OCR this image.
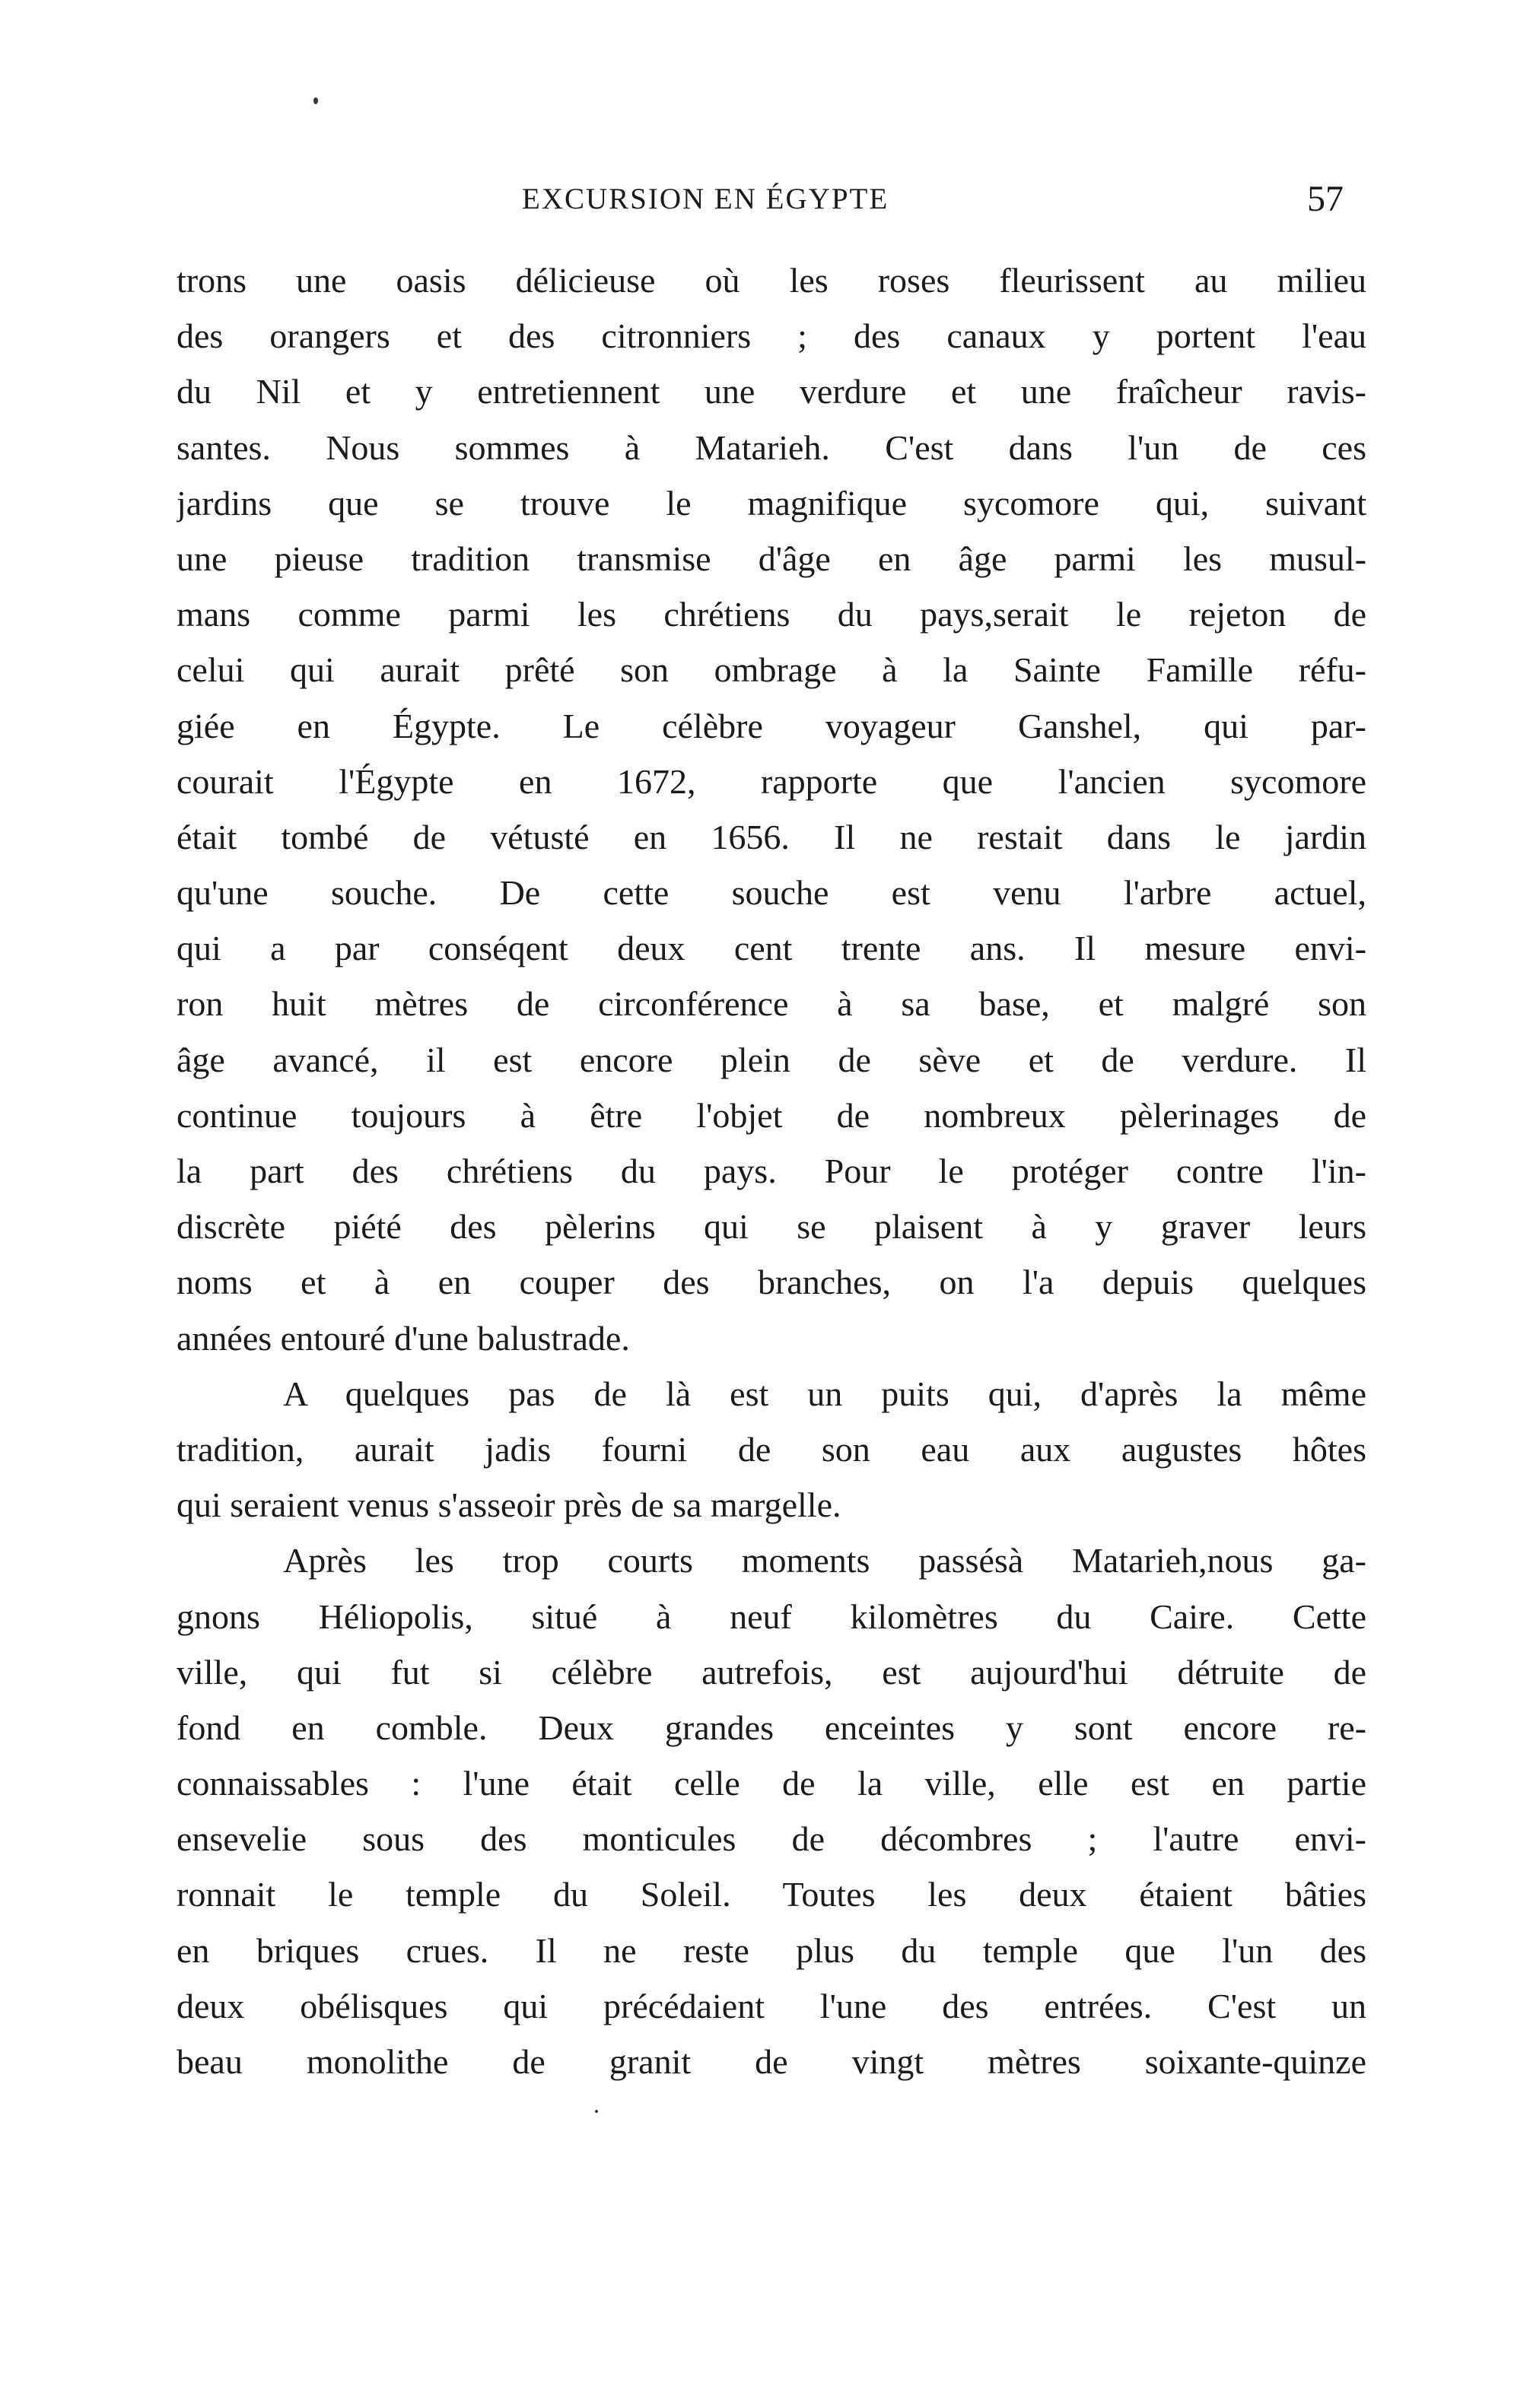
EXCURSION EN ÉGYPTE	57
trons une oasis délicieuse où les roses fleurissent au milieu
des orangers et des citronniers ; des canaux y portent l'eau
du Nil et y entretiennent une verdure et une fraîcheur ravis-
santes. Nous sommes à Matarieh. C'est dans l'un de ces
jardins que se trouve le magnifique sycomore qui, suivant
une pieuse tradition transmise d'âge en âge parmi les musul-
mans comme parmi les chrétiens du pays,serait le rejeton de
celui qui aurait prêté son ombrage à la Sainte Famille réfu-
giée en Égypte. Le célèbre voyageur Ganshel, qui par-
courait l'Égypte en 1672, rapporte que l'ancien sycomore
était tombé de vétusté en 1656. Il ne restait dans le jardin
qu'une souche. De cette souche est venu l'arbre actuel,
qui a par conséqent deux cent trente ans. Il mesure envi-
ron huit mètres de circonférence à sa base, et malgré son
âge avancé, il est encore plein de sève et de verdure. Il
continue toujours à être l'objet de nombreux pèlerinages de
la part des chrétiens du pays. Pour le protéger contre l'in-
discrète piété des pèlerins qui se plaisent à y graver leurs
noms et à en couper des branches, on l'a depuis quelques
années entouré d'une balustrade.
A quelques pas de là est un puits qui, d'après la même
tradition, aurait jadis fourni de son eau aux augustes hôtes
qui seraient venus s'asseoir près de sa margelle.
Après les trop courts moments passésà Matarieh,nous ga-
gnons Héliopolis, situé à neuf kilomètres du Caire. Cette
ville, qui fut si célèbre autrefois, est aujourd'hui détruite de
fond en comble. Deux grandes enceintes y sont encore re-
connaissables : l'une était celle de la ville, elle est en partie
ensevelie sous des monticules de décombres ; l'autre envi-
ronnait le temple du Soleil. Toutes les deux étaient bâties
en briques crues. Il ne reste plus du temple que l'un des
deux obélisques qui précédaient l'une des entrées. C'est un
beau monolithe de granit de vingt mètres soixante-quinze
